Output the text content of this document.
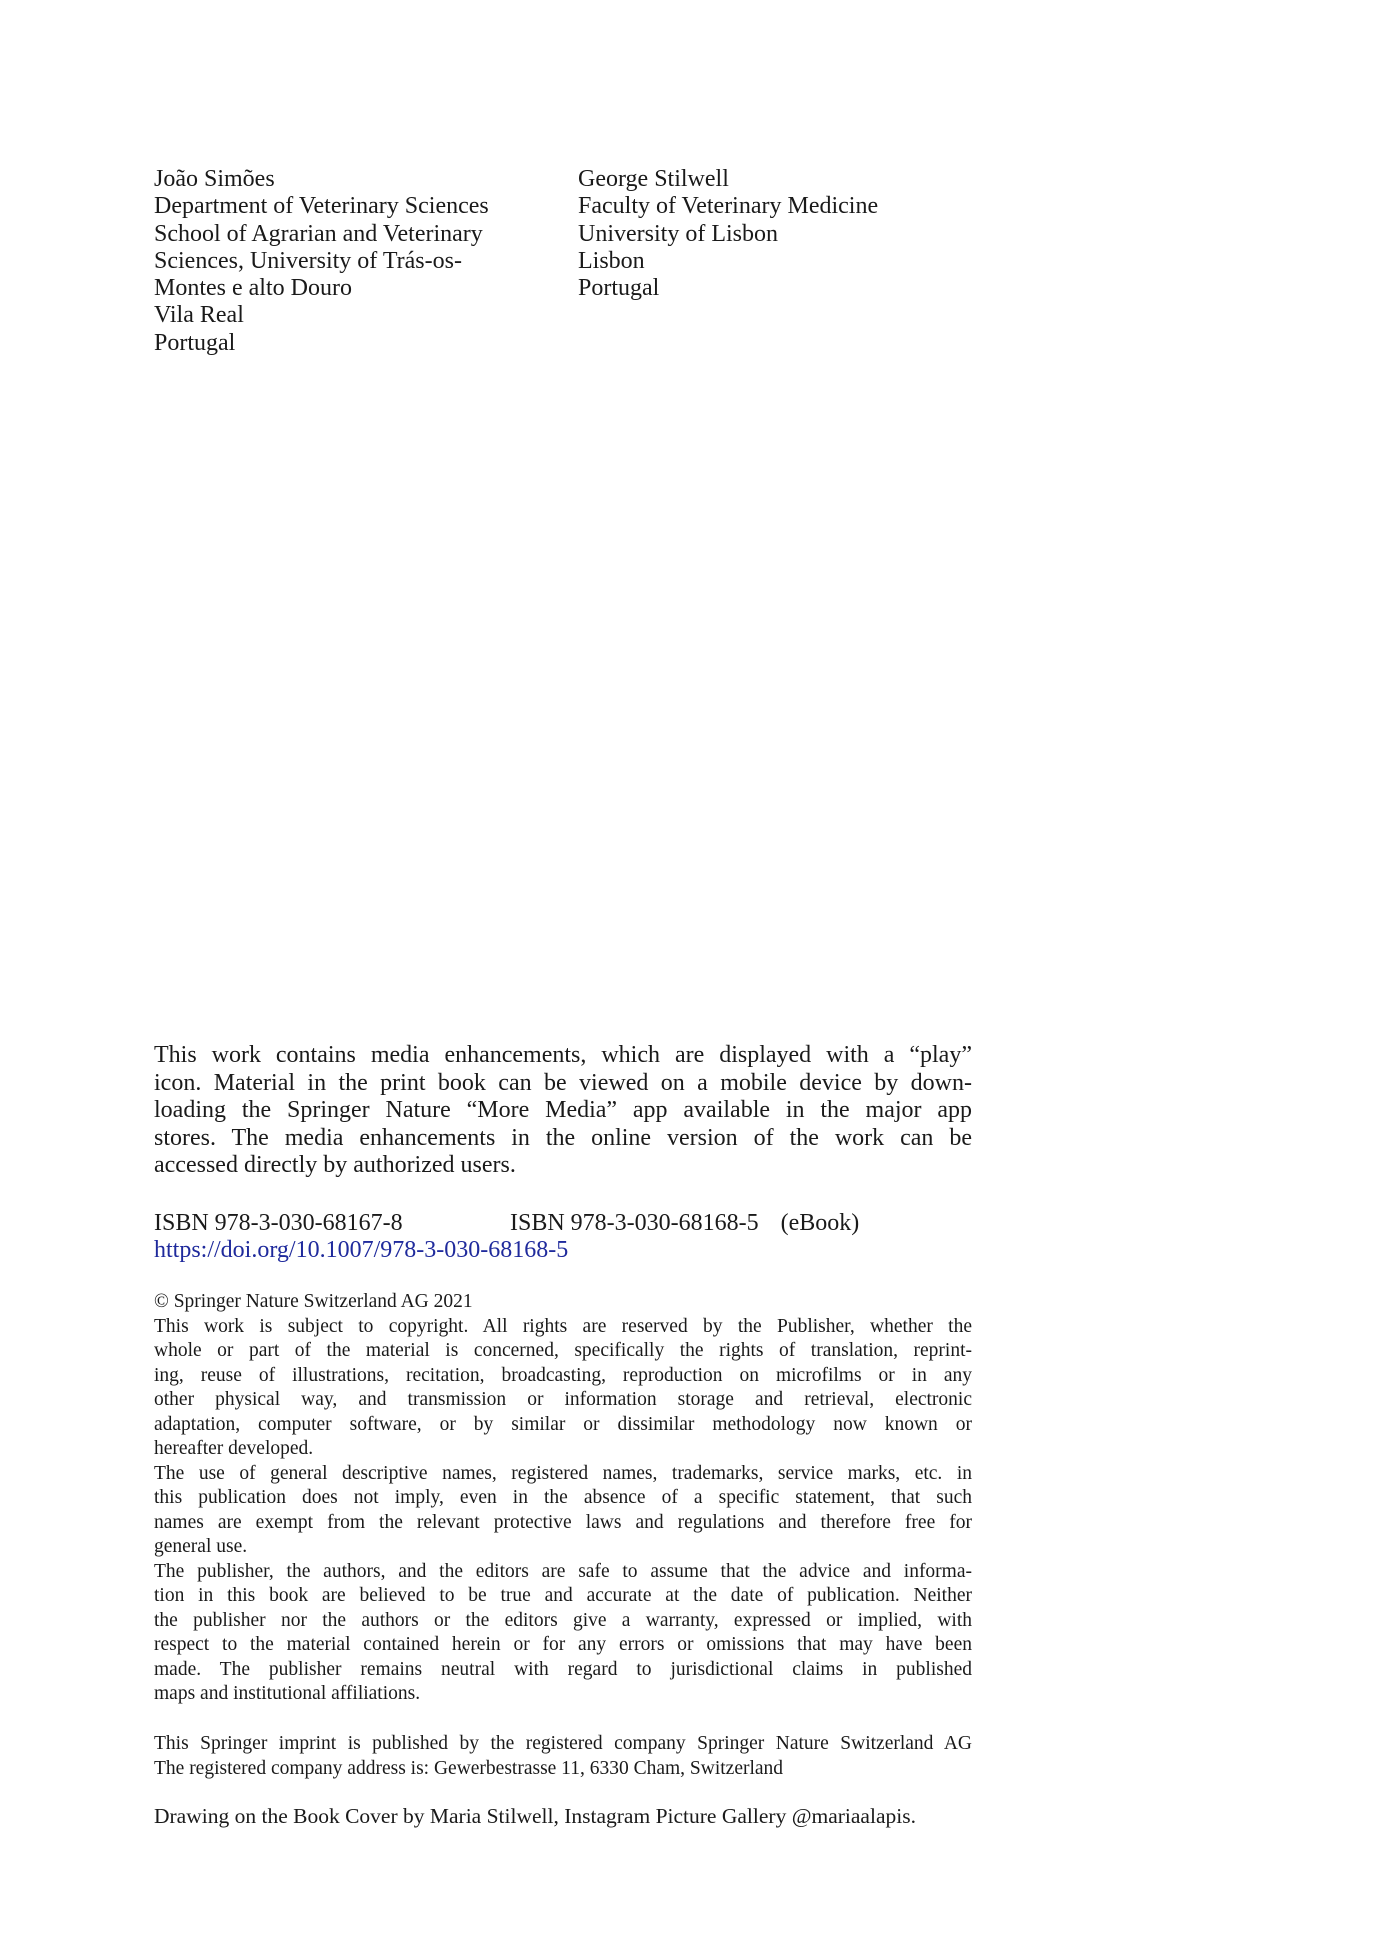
João Simões
Department of Veterinary Sciences
School of Agrarian and Veterinary
Sciences, University of Trás-os-
Montes e alto Douro
Vila Real
Portugal
George Stilwell
Faculty of Veterinary Medicine
University of Lisbon
Lisbon
Portugal
This work contains media enhancements, which are displayed with a “play”
icon. Material in the print book can be viewed on a mobile device by down-
loading the Springer Nature “More Media” app available in the major app
stores. The media enhancements in the online version of the work can be
accessed directly by authorized users.
ISBN 978-3-030-68167-8	ISBN 978-3-030-68168-5 (eBook)
https://doi.org/10.1007/978-3-030-68168-5
© Springer Nature Switzerland AG 2021
This work is subject to copyright. All rights are reserved by the Publisher, whether the
whole or part of the material is concerned, specifically the rights of translation, reprint-
ing, reuse of illustrations, recitation, broadcasting, reproduction on microfilms or in any
other physical way, and transmission or information storage and retrieval, electronic
adaptation, computer software, or by similar or dissimilar methodology now known or
hereafter developed.
The use of general descriptive names, registered names, trademarks, service marks, etc. in
this publication does not imply, even in the absence of a specific statement, that such
names are exempt from the relevant protective laws and regulations and therefore free for
general use.
The publisher, the authors, and the editors are safe to assume that the advice and informa-
tion in this book are believed to be true and accurate at the date of publication. Neither
the publisher nor the authors or the editors give a warranty, expressed or implied, with
respect to the material contained herein or for any errors or omissions that may have been
made. The publisher remains neutral with regard to jurisdictional claims in published
maps and institutional affiliations.
This Springer imprint is published by the registered company Springer Nature Switzerland AG
The registered company address is: Gewerbestrasse 11, 6330 Cham, Switzerland
Drawing on the Book Cover by Maria Stilwell, Instagram Picture Gallery @mariaalapis.
